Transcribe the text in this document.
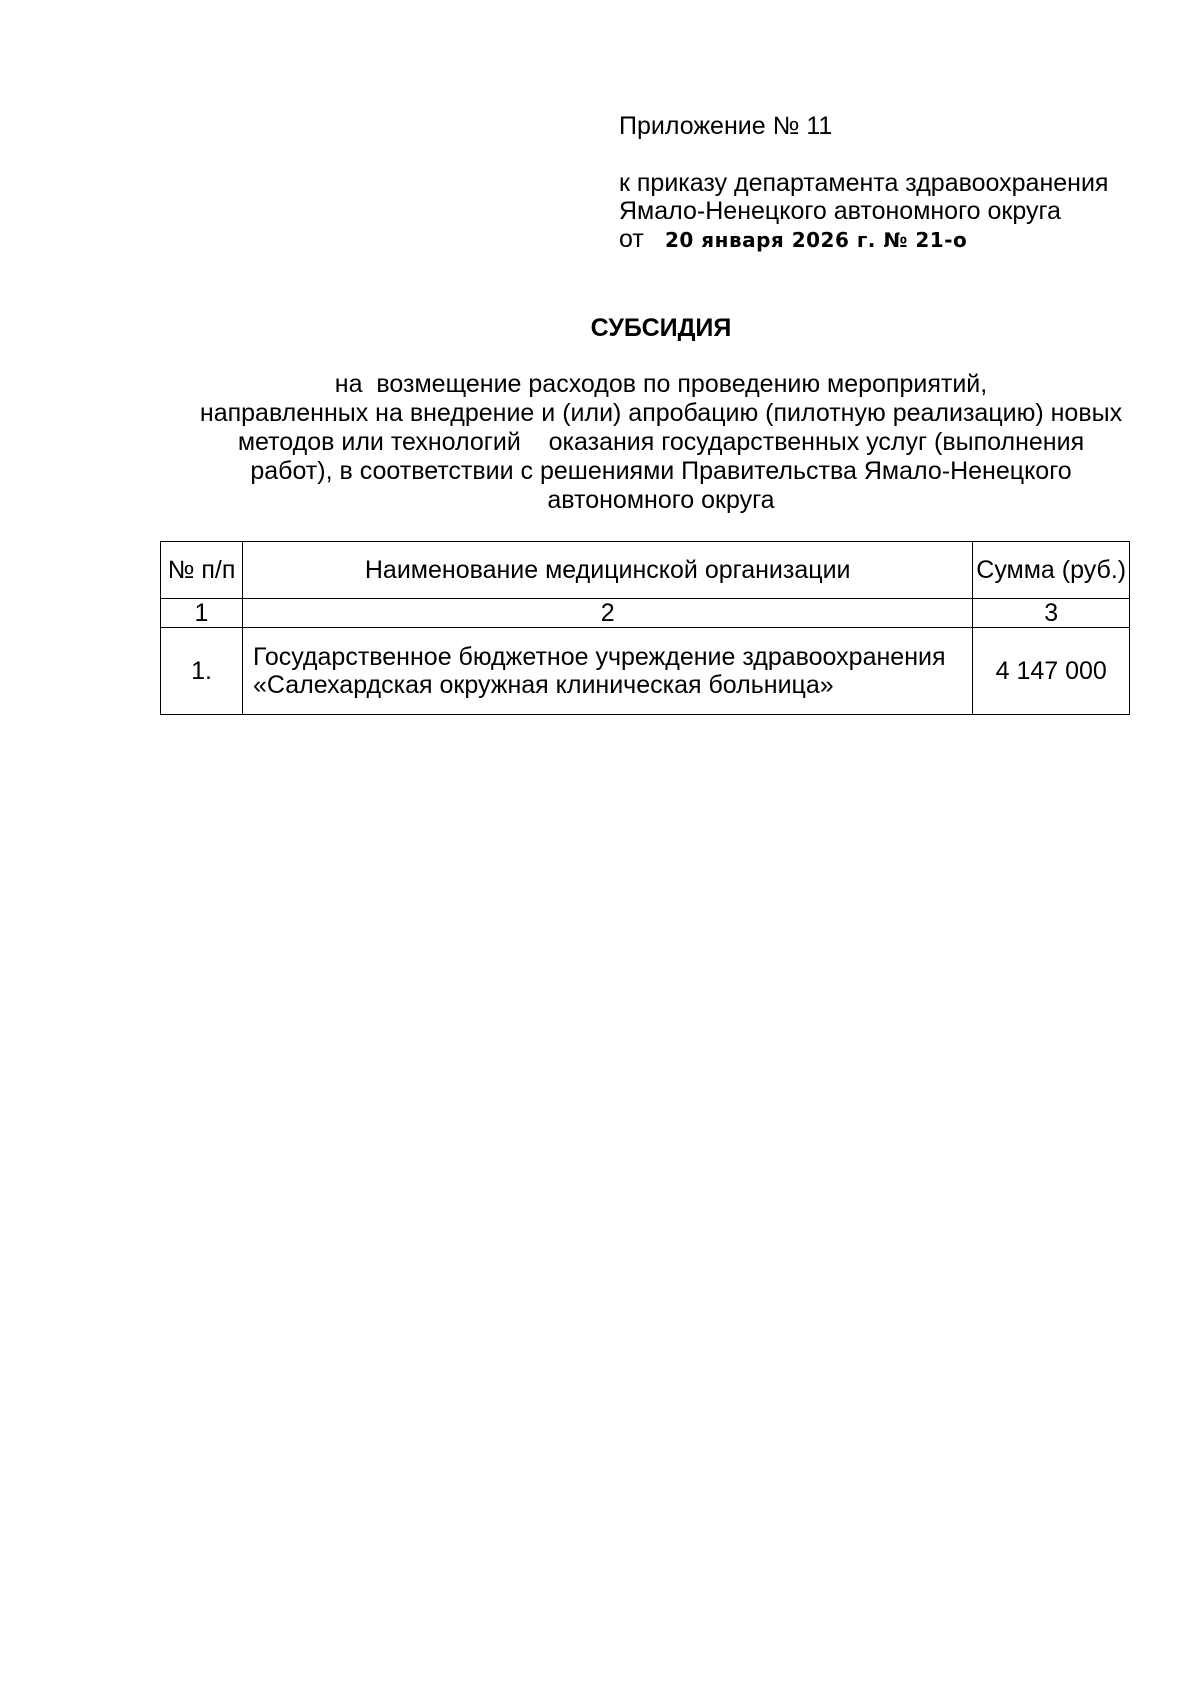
Приложение № 11

к приказу департамента здравоохранения

Ямало-Ненецкого автономного округа

от 20 января 2026 г. № 21-о

СУБСИДИЯ
на  возмещение расходов по проведению мероприятий,
направленных на внедрение и (или) апробацию (пилотную реализацию) новых
методов или технологий    оказания государственных услуг (выполнения
работ), в соответствии с решениями Правительства Ямало-Ненецкого
автономного округа
№ п/п	Наименование медицинской организации	Сумма (руб.)
1	2	3
1.	Государственное бюджетное учреждение здравоохранения «Салехардская окружная клиническая больница»	4 147 000
